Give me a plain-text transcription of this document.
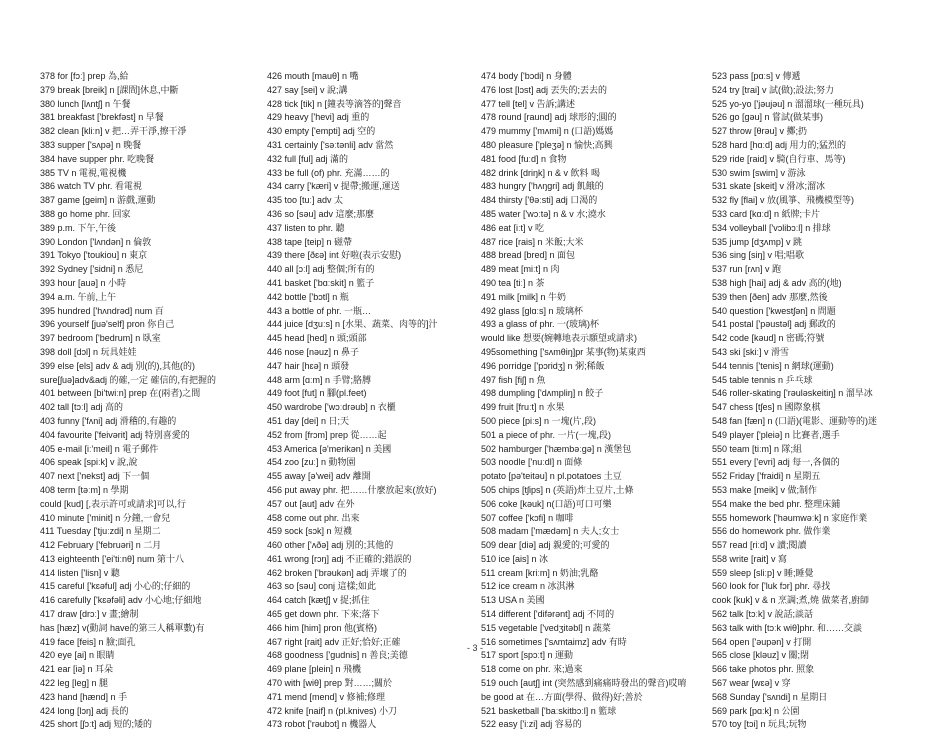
378 for [fɔː] prep 為,給
379 break [breik] n [課間]休息,中斷
380 lunch [lʌntʃ] n 午餐
381 breakfast ['brekfəst] n 早餐
382 clean [kliːn] v 把…弄干淨,擦干淨
383 supper ['sʌpə] n 晚餐
384 have supper phr. 吃晚餐
385 TV n 電視,電視機
386 watch TV phr. 看電視
387 game [geim] n 游戲,運動
388 go home phr. 回家
389 p.m. 下午,午後
390 London ['lʌndən] n 倫敦
391 Tokyo ['toukiou] n 東京
392 Sydney ['sidni] n 悉尼
393 hour [auə] n 小時
394 a.m. 午前,上午
395 hundred ['hʌndrəd] num 百
396 yourself [juə'self] pron 你自己
397 bedroom ['bedrum] n 臥室
398 doll [dɔl] n 玩具娃娃
399 else [els] adv & adj 別(的),其他(的)
sure[ʃuə]adv&adj 的確,一定 確信的,有把握的
401 between [bi'twiːn] prep 在(兩者)之間
402 tall [tɔːl] adj 高的
403 funny ['fʌni] adj 滑稽的,有趣的
404 favourite ['feivərit] adj 特別喜愛的
405 e-mail [iː'meil] n 電子郵件
406 speak [spiːk] v 說,說
407 next ['nekst] adj 下一個
408 term [təːm] n 學期
could [kud] [,表示許可或請求]可以,行
410 minute ['minit] n 分鐘,一會兒
411 Tuesday ['tjuːzdi] n 星期二
412 February ['februəri] n 二月
413 eighteenth ['ei'tiːnθ] num 第十八
414 listen ['lisn] v 聽
415 careful ['kɛəful] adj 小心的;仔細的
416 carefully ['kɛəfəli] adv 小心地;仔細地
417 draw [drɔː] v 畫;繪制
has [hæz] v(動詞 have的第三人稱單數)有
419 face [feis] n 臉;面孔
420 eye [ai] n 眼睛
421 ear [iə] n 耳朵
422 leg [leg] n 腿
423 hand [hænd] n 手
424 long [lɔŋ] adj 長的
425 short [ʃɔːt] adj 短的;矮的
426 mouth [mauθ] n 嘴
427 say [sei] v 說;講
428 tick [tik] n [鐘表等滴答的]聲音
429 heavy ['hevi] adj 重的
430 empty ['empti] adj 空的
431 certainly ['səːtənli] adv 當然
432 full [ful] adj 滿的
433 be full (of) phr. 充滿……的
434 carry ['kæri] v 提帶;搬運,運送
435 too [tuː] adv 太
436 so [səu] adv 這麼;那麼
437 listen to phr. 聽
438 tape [teip] n 磁帶
439 there [ðɛə] int 好啦(表示安慰)
440 all [ɔːl] adj 整個;所有的
441 basket ['bɑːskit] n 籃子
442 bottle ['bɔtl] n 瓶
443 a bottle of phr. 一瓶…
444 juice [dʒuːs] n [水果、蔬菜、肉等的]汁
445 head [hed] n 頭;頭部
446 nose [nəuz] n 鼻子
447 hair [hɛə] n 頭發
448 arm [ɑːm] n 手臂;胳膊
449 foot [fut] n 腳(pl.feet)
450 wardrobe ['wɔːdrəub] n 衣櫃
451 day [dei] n 日;天
452 from [frɔm] prep 從……起
453 America [ə'merikən] n 美國
454 zoo [zuː] n 動物園
455 away [ə'wei] adv 離開
456 put away phr. 把……什麼放起來(放好)
457 out [aut] adv 在外
458 come out phr. 出來
459 sock [sɔk] n 短襪
460 other ['ʌðə] adj 別的;其他的
461 wrong [rɔŋ] adj 不正確的;錯誤的
462 broken ['brəukən] adj 弄壞了的
463 so [səu] conj 這樣;如此
464 catch [kætʃ] v 捉;抓住
465 get down phr. 下來;落下
466 him [him] pron 他(賓格)
467 right [rait] adv 正好;恰好;正確
468 goodness ['gudnis] n 善良;美德
469 plane [plein] n 飛機
470 with [wiθ] prep 對……;關於
471 mend [mend] v 修補;修理
472 knife [naif] n (pl.knives) 小刀
473 robot ['rəubɔt] n 機器人
474 body ['bɔdi] n 身體
476 lost [lɔst] adj 丟失的;丟去的
477 tell [tel] v 告訴;講述
478 round [raund] adj 球形的;圓的
479 mummy ['mʌmi] n (口語)媽媽
480 pleasure ['pleʒə] n 愉快;高興
481 food [fuːd] n 食物
482 drink [driŋk] n & v 飲料 喝
483 hungry ['hʌŋgri] adj 飢餓的
484 thirsty ['θəːsti] adj 口渴的
485 water ['wɔːtə] n & v 水;澆水
486 eat [iːt] v 吃
487 rice [rais] n 米飯;大米
488 bread [bred] n 面包
489 meat [miːt] n 肉
490 tea [tiː] n 茶
491 milk [milk] n 牛奶
492 glass [glɑːs] n 玻璃杯
493 a glass of phr. 一(玻璃)杯
would like 想要(婉轉地表示願望或請求)
495something ['sʌmθiŋ]pr 某事(物)某東西
496 porridge ['pɔridʒ] n 粥;稀飯
497 fish [fiʃ] n 魚
498 dumpling ['dʌmpliŋ] n 餃子
499 fruit [fruːt] n 水果
500 piece [piːs] n 一塊(片,段)
501 a piece of phr. 一片(一塊,段)
502 hamburger ['hæmbəːgə] n 漢堡包
503 noodle ['nuːdl] n 面條
potato [pə'teitəu] n pl.potatoes 土豆
505 chips [tʃips] n (英語)炸土豆片,土條
506 coke [kəuk] n(口語)可口可樂
507 coffee ['kɔfi] n 咖啡
508 madam ['mædəm] n 夫人;女士
509 dear [diə] adj 親愛的;可愛的
510 ice [ais] n 冰
511 cream [kriːm] n 奶油;乳酪
512 ice cream n 冰淇淋
513 USA n 美國
514 different ['difərənt] adj 不同的
515 vegetable ['vedʒitəbl] n 蔬菜
516 sometimes ['sʌmtaimz] adv 有時
517 sport [spɔːt] n 運動
518 come on phr. 來;過來
519 ouch [autʃ] int (突然感到痛痛時發出的聲音)哎唷
be good at 在…方面(學得、做得)好;善於
521 basketball ['baːskitbɔːl] n 籃球
522 easy ['iːzi] adj 容易的
523 pass [pɑːs] v 傳遞
524 try [trai] v 試(做);設法;努力
525 yo-yo ['jəujəu] n 溜溜球(一種玩具)
526 go [gəu] n 嘗試(做某事)
527 throw [θrəu] v 擲;扔
528 hard [hɑːd] adj 用力的;猛烈的
529 ride [raid] v 騎(自行車、馬等)
530 swim [swim] v 游泳
531 skate [skeit] v 滑冰;溜冰
532 fly [flai] v 放(風箏、飛機模型等)
533 card [kɑːd] n 紙牌;卡片
534 volleyball ['vɔlibɔːl] n 排球
535 jump [dʒʌmp] v 跳
536 sing [siŋ] v 唱;唱歌
537 run [rʌn] v 跑
538 high [hai] adj & adv 高的(地)
539 then [ðen] adv 那麼,然後
540 question ['kwestʃən] n 問題
541 postal ['pəustəl] adj 郵政的
542 code [kəud] n 密碼;符號
543 ski [skiː] v 滑雪
544 tennis ['tenis] n 網球(運動)
545 table tennis n 乒乓球
546 roller-skating ['rəuləskeitiŋ] n 溜旱冰
547 chess [tʃes] n 國際象棋
548 fan [fæn] n (口語)(電影、運動等的)迷
549 player ['pleiə] n 比賽者,選手
550 team [tiːm] n 隊;組
551 every ['evri] adj 每一,各個的
552 Friday ['fraidi] n 星期五
553 make [meik] v 做;制作
554 make the bed phr. 整理床鋪
555 homework ['həumwəːk] n 家庭作業
556 do homework phr. 做作業
557 read [riːd] v 讀;閱讀
558 write [rait] v 寫
559 sleep [sliːp] v 睡;睡覺
560 look for ['luk fɔr] phr. 尋找
cook [kuk] v & n 烹調;煮,燒 做菜者,廚師
562 talk [tɔːk] v 說話;談話
563 talk with [tɔːk wiθ]phr. 和……交談
564 open ['əupən] v 打開
565 close [kləuz] v 關;閉
566 take photos phr. 照象
567 wear [wɛə] v 穿
568 Sunday ['sʌndi] n 星期日
569 park [pɑːk] n 公園
570 toy [tɔi] n 玩具;玩物
- 3 -
